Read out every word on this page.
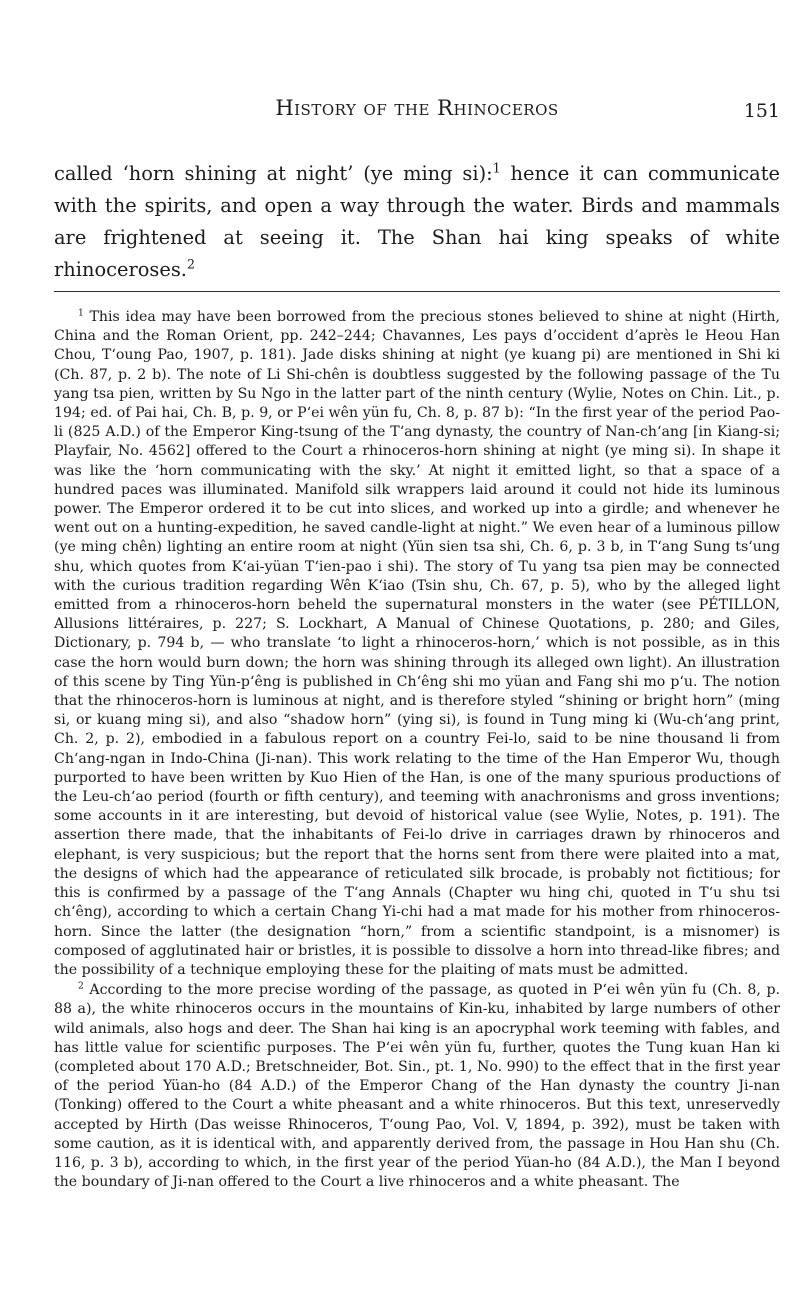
History of the Rhinoceros	151

called ‘horn shining at night’ (ye ming si):$^1$ hence it can communicate with the spirits, and open a way through the water. Birds and mammals are frightened at seeing it. The Shan hai king speaks of white rhinoceroses.$^2$

$^1$ This idea may have been borrowed from the precious stones believed to shine at night (Hirth, China and the Roman Orient, pp. 242–244; Chavannes, Les pays d’occident d’après le Heou Han Chou, T‘oung Pao, 1907, p. 181). Jade disks shining at night (ye kuang pi) are mentioned in Shi ki (Ch. 87, p. 2 b). The note of Li Shi-chên is doubtless suggested by the following passage of the Tu yang tsa pien, written by Su Ngo in the latter part of the ninth century (Wylie, Notes on Chin. Lit., p. 194; ed. of Pai hai, Ch. B, p. 9, or P‘ei wên yün fu, Ch. 8, p. 87 b): “In the first year of the period Pao-li (825 A.D.) of the Emperor King-tsung of the T‘ang dynasty, the country of Nan-ch‘ang [in Kiang-si; Playfair, No. 4562] offered to the Court a rhinoceros-horn shining at night (ye ming si). In shape it was like the ‘horn communicating with the sky.’ At night it emitted light, so that a space of a hundred paces was illuminated. Manifold silk wrappers laid around it could not hide its luminous power. The Emperor ordered it to be cut into slices, and worked up into a girdle; and whenever he went out on a hunting-expedition, he saved candle-light at night.” We even hear of a luminous pillow (ye ming chên) lighting an entire room at night (Yün sien tsa shi, Ch. 6, p. 3 b, in T‘ang Sung ts‘ung shu, which quotes from K‘ai-yüan T‘ien-pao i shi). The story of Tu yang tsa pien may be connected with the curious tradition regarding Wên K‘iao (Tsin shu, Ch. 67, p. 5), who by the alleged light emitted from a rhinoceros-horn beheld the supernatural monsters in the water (see PÉTILLON, Allusions littéraires, p. 227; S. Lockhart, A Manual of Chinese Quotations, p. 280; and Giles, Dictionary, p. 794 b, — who translate ‘to light a rhinoceros-horn,’ which is not possible, as in this case the horn would burn down; the horn was shining through its alleged own light). An illustration of this scene by Ting Yün-p‘êng is published in Ch‘êng shi mo yüan and Fang shi mo p‘u. The notion that the rhinoceros-horn is luminous at night, and is therefore styled “shining or bright horn” (ming si, or kuang ming si), and also “shadow horn” (ying si), is found in Tung ming ki (Wu-ch‘ang print, Ch. 2, p. 2), embodied in a fabulous report on a country Fei-lo, said to be nine thousand li from Ch‘ang-ngan in Indo-China (Ji-nan). This work relating to the time of the Han Emperor Wu, though purported to have been written by Kuo Hien of the Han, is one of the many spurious productions of the Leu-ch‘ao period (fourth or fifth century), and teeming with anachronisms and gross inventions; some accounts in it are interesting, but devoid of historical value (see Wylie, Notes, p. 191). The assertion there made, that the inhabitants of Fei-lo drive in carriages drawn by rhinoceros and elephant, is very suspicious; but the report that the horns sent from there were plaited into a mat, the designs of which had the appearance of reticulated silk brocade, is probably not fictitious; for this is confirmed by a passage of the T‘ang Annals (Chapter wu hing chi, quoted in T‘u shu tsi ch‘êng), according to which a certain Chang Yi-chi had a mat made for his mother from rhinoceros-horn. Since the latter (the designation “horn,” from a scientific standpoint, is a misnomer) is composed of agglutinated hair or bristles, it is possible to dissolve a horn into thread-like fibres; and the possibility of a technique employing these for the plaiting of mats must be admitted.

$^2$ According to the more precise wording of the passage, as quoted in P‘ei wên yün fu (Ch. 8, p. 88 a), the white rhinoceros occurs in the mountains of Kin-ku, inhabited by large numbers of other wild animals, also hogs and deer. The Shan hai king is an apocryphal work teeming with fables, and has little value for scientific purposes. The P‘ei wên yün fu, further, quotes the Tung kuan Han ki (completed about 170 A.D.; Bretschneider, Bot. Sin., pt. 1, No. 990) to the effect that in the first year of the period Yüan-ho (84 A.D.) of the Emperor Chang of the Han dynasty the country Ji-nan (Tonking) offered to the Court a white pheasant and a white rhinoceros. But this text, unreservedly accepted by Hirth (Das weisse Rhinoceros, T‘oung Pao, Vol. V, 1894, p. 392), must be taken with some caution, as it is identical with, and apparently derived from, the passage in Hou Han shu (Ch. 116, p. 3 b), according to which, in the first year of the period Yüan-ho (84 A.D.), the Man I beyond the boundary of Ji-nan offered to the Court a live rhinoceros and a white pheasant. The
